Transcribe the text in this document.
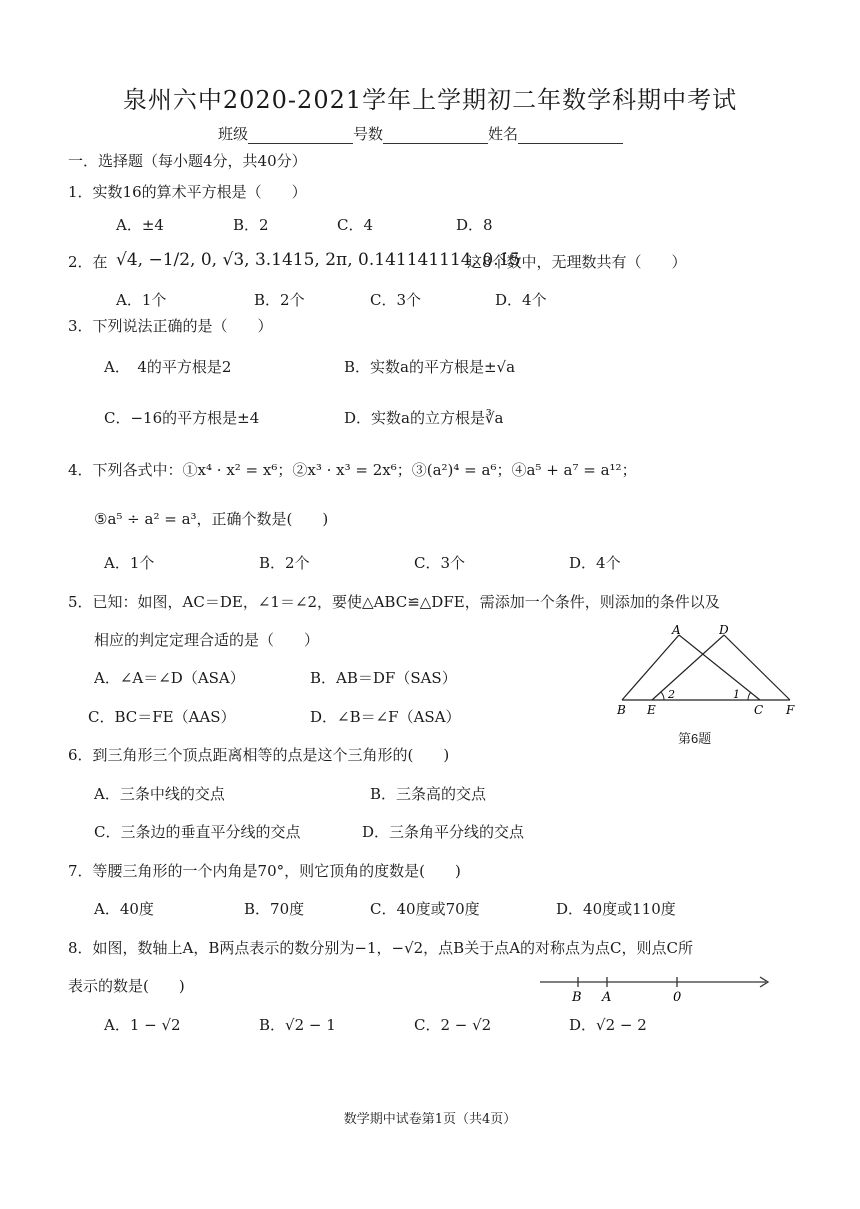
泉州六中2020-2021学年上学期初二年数学科期中考试
班级	号数	姓名
一．选择题（每小题4分，共40分）
1．实数16的算术平方根是（　　）
A．±4	B．2	C．4	D．8
2．在 √4, −1/2, 0, √3, 3.1415, 2π, 0.141141114, 0.1̇5̇
这8个数中，无理数共有（　　）
A．1个	B．2个	C．3个	D．4个
3．下列说法正确的是（　　）
A．　4的平方根是2	B．实数a的平方根是±√a
C．−16的平方根是±4	D．实数a的立方根是∛a
4．下列各式中：①x⁴ · x² = x⁶；②x³ · x³ = 2x⁶；③(a²)⁴ = a⁶；④a⁵ + a⁷ = a¹²；
⑤a⁵ ÷ a² = a³，正确个数是(　　)
A．1个	B．2个	C．3个	D．4个
5．已知：如图，AC＝DE，∠1＝∠2，要使△ABC≌△DFE，需添加一个条件，则添加的条件以及
相应的判定定理合适的是（　　）
A．∠A＝∠D（ASA）	B．AB＝DF（SAS）
C．BC＝FE（AAS）	D．∠B＝∠F（ASA）
A	D
B E	C F
1
2
第6题
6．到三角形三个顶点距离相等的点是这个三角形的(　　)
A．三条中线的交点	B．三条高的交点
C．三条边的垂直平分线的交点	D．三条角平分线的交点
7．等腰三角形的一个内角是70°，则它顶角的度数是(　　)
A．40度	B．70度	C．40度或70度	D．40度或110度
8．如图，数轴上A，B两点表示的数分别为−1，−√2，点B关于点A的对称点为点C，则点C所
表示的数是(　　)
B A	0
A．1 − √2	B．√2 − 1	C．2 − √2	D．√2 − 2
数学期中试卷第1页（共4页）
